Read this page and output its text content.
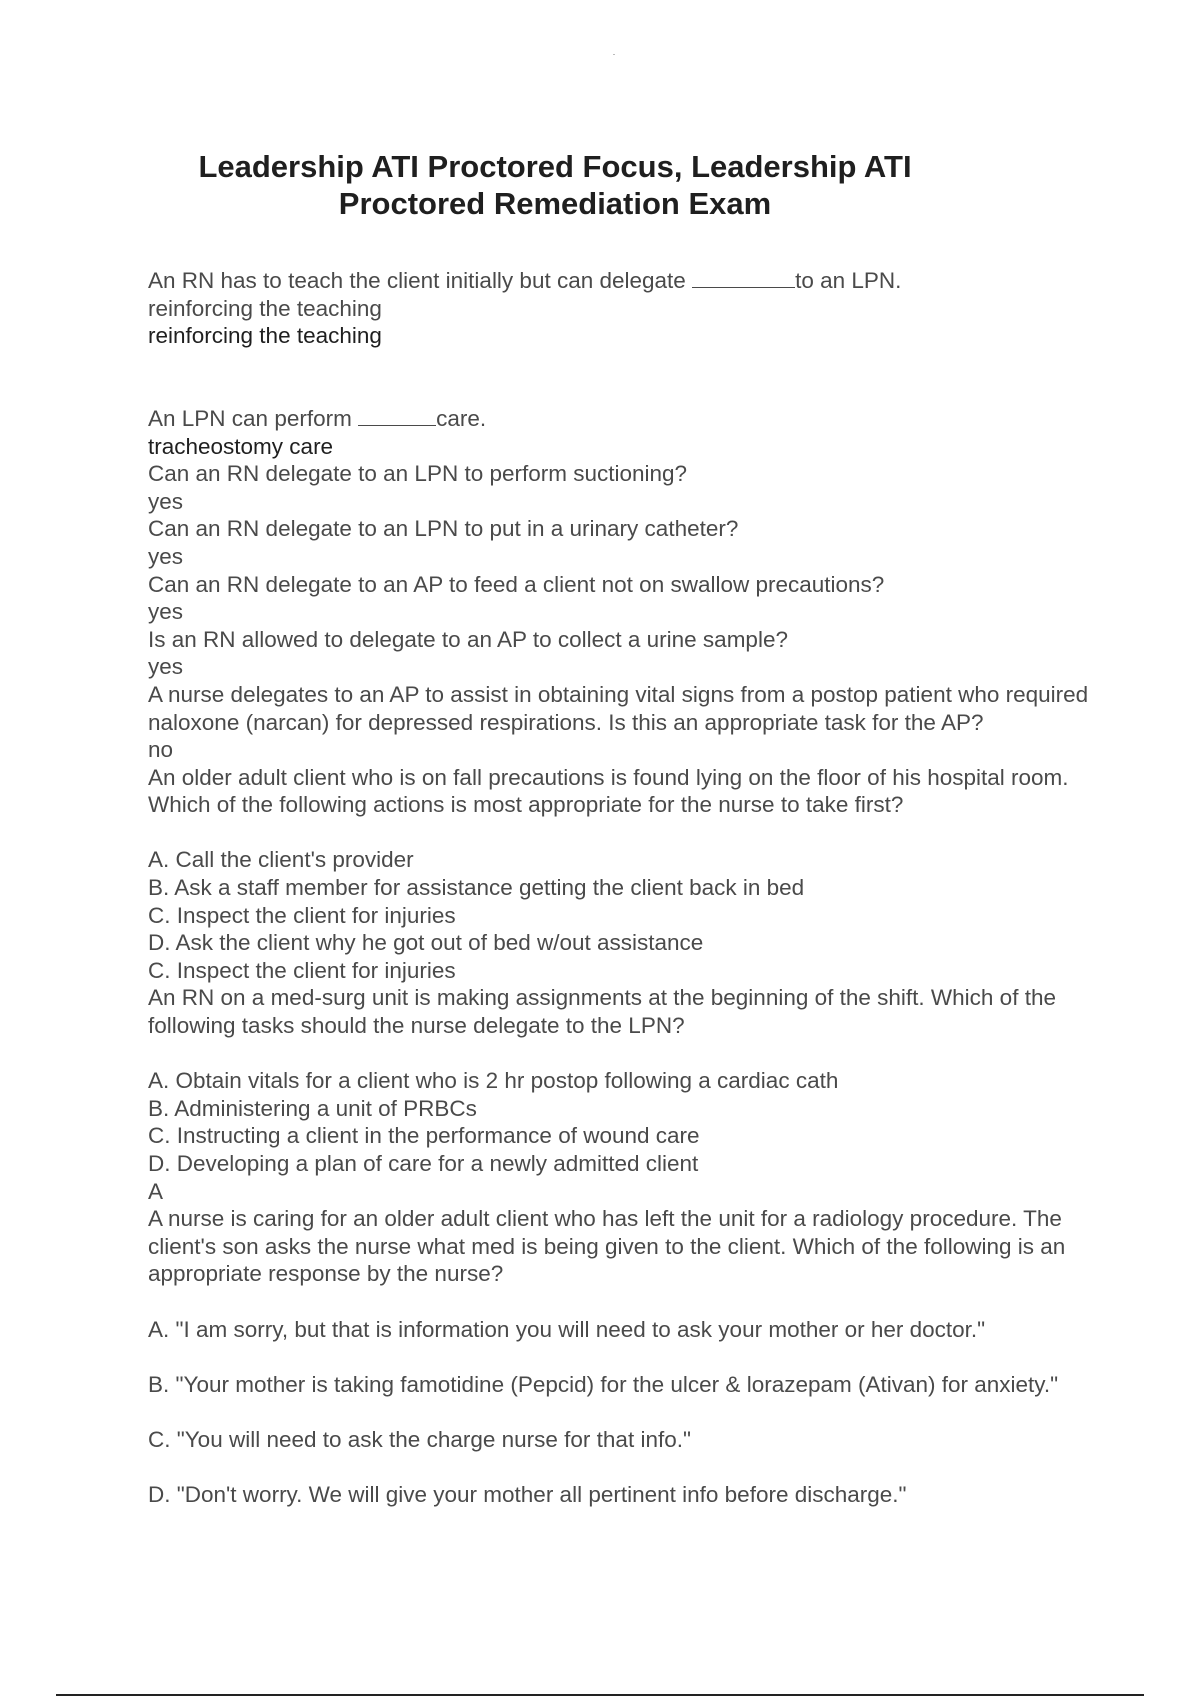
Leadership ATI Proctored Focus, Leadership ATI
Proctored Remediation Exam

An RN has to teach the client initially but can delegate	to an LPN.

reinforcing the teaching

reinforcing the teaching

An LPN can perform	care.

tracheostomy care

Can an RN delegate to an LPN to perform suctioning?

yes

Can an RN delegate to an LPN to put in a urinary catheter?

yes

Can an RN delegate to an AP to feed a client not on swallow precautions?

yes

Is an RN allowed to delegate to an AP to collect a urine sample?

yes

A nurse delegates to an AP to assist in obtaining vital signs from a postop patient who required naloxone (narcan) for depressed respirations. Is this an appropriate task for the AP?

no

An older adult client who is on fall precautions is found lying on the floor of his hospital room. Which of the following actions is most appropriate for the nurse to take first?

A. Call the client's provider

B. Ask a staff member for assistance getting the client back in bed

C. Inspect the client for injuries

D. Ask the client why he got out of bed w/out assistance

C. Inspect the client for injuries

An RN on a med-surg unit is making assignments at the beginning of the shift. Which of the following tasks should the nurse delegate to the LPN?

A. Obtain vitals for a client who is 2 hr postop following a cardiac cath

B. Administering a unit of PRBCs

C. Instructing a client in the performance of wound care

D. Developing a plan of care for a newly admitted client

A

A nurse is caring for an older adult client who has left the unit for a radiology procedure. The client's son asks the nurse what med is being given to the client. Which of the following is an appropriate response by the nurse?

A. "I am sorry, but that is information you will need to ask your mother or her doctor."

B. "Your mother is taking famotidine (Pepcid) for the ulcer & lorazepam (Ativan) for anxiety."

C. "You will need to ask the charge nurse for that info."

D. "Don't worry. We will give your mother all pertinent info before discharge."
